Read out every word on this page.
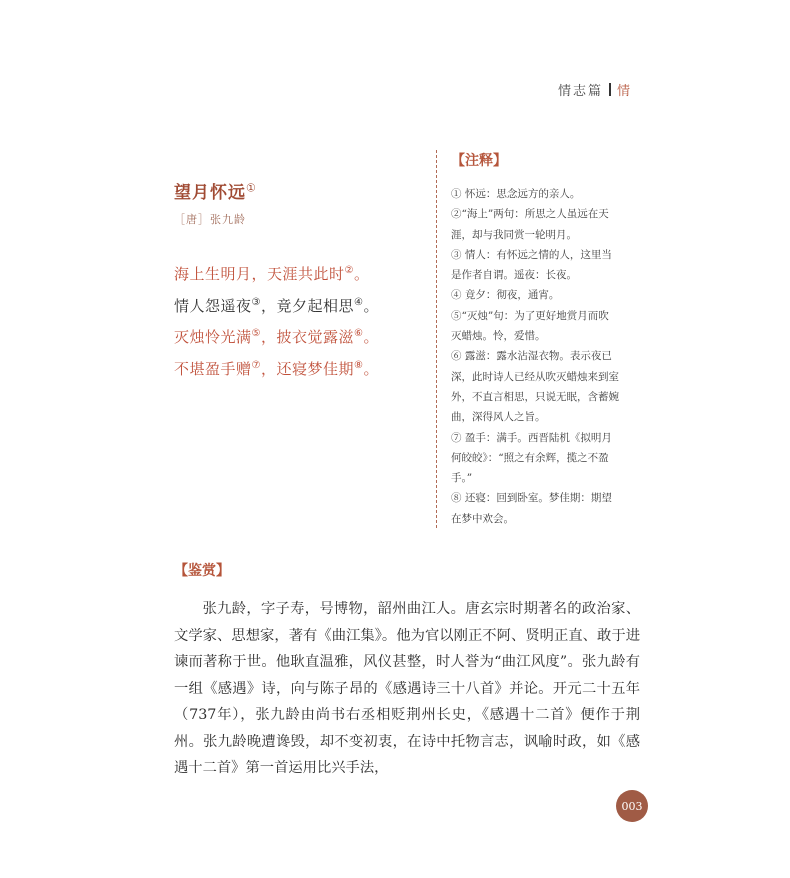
情志篇 情
望月怀远①
［唐］张九龄
海上生明月，天涯共此时②。
情人怨遥夜③，竟夕起相思④。
灭烛怜光满⑤，披衣觉露滋⑥。
不堪盈手赠⑦，还寝梦佳期⑧。
【注释】
① 怀远：思念远方的亲人。
②“海上”两句：所思之人虽远在天
涯，却与我同赏一轮明月。
③ 情人：有怀远之情的人，这里当
是作者自谓。遥夜：长夜。
④ 竟夕：彻夜，通宵。
⑤“灭烛”句：为了更好地赏月而吹
灭蜡烛。怜，爱惜。
⑥ 露滋：露水沾湿衣物。表示夜已
深，此时诗人已经从吹灭蜡烛来到室
外，不直言相思，只说无眠，含蓄婉
曲，深得风人之旨。
⑦ 盈手：满手。西晋陆机《拟明月
何皎皎》：“照之有余辉，揽之不盈
手。”
⑧ 还寝：回到卧室。梦佳期：期望
在梦中欢会。
【鉴赏】
张九龄，字子寿，号博物，韶州曲江人。唐玄宗时期著名的政治家、文学家、思想家，著有《曲江集》。他为官以刚正不阿、贤明正直、敢于进谏而著称于世。他耿直温雅，风仪甚整，时人誉为“曲江风度”。张九龄有一组《感遇》诗，向与陈子昂的《感遇诗三十八首》并论。开元二十五年（737年），张九龄由尚书右丞相贬荆州长史，《感遇十二首》便作于荆州。张九龄晚遭谗毁，却不变初衷，在诗中托物言志，讽喻时政，如《感遇十二首》第一首运用比兴手法，
003
